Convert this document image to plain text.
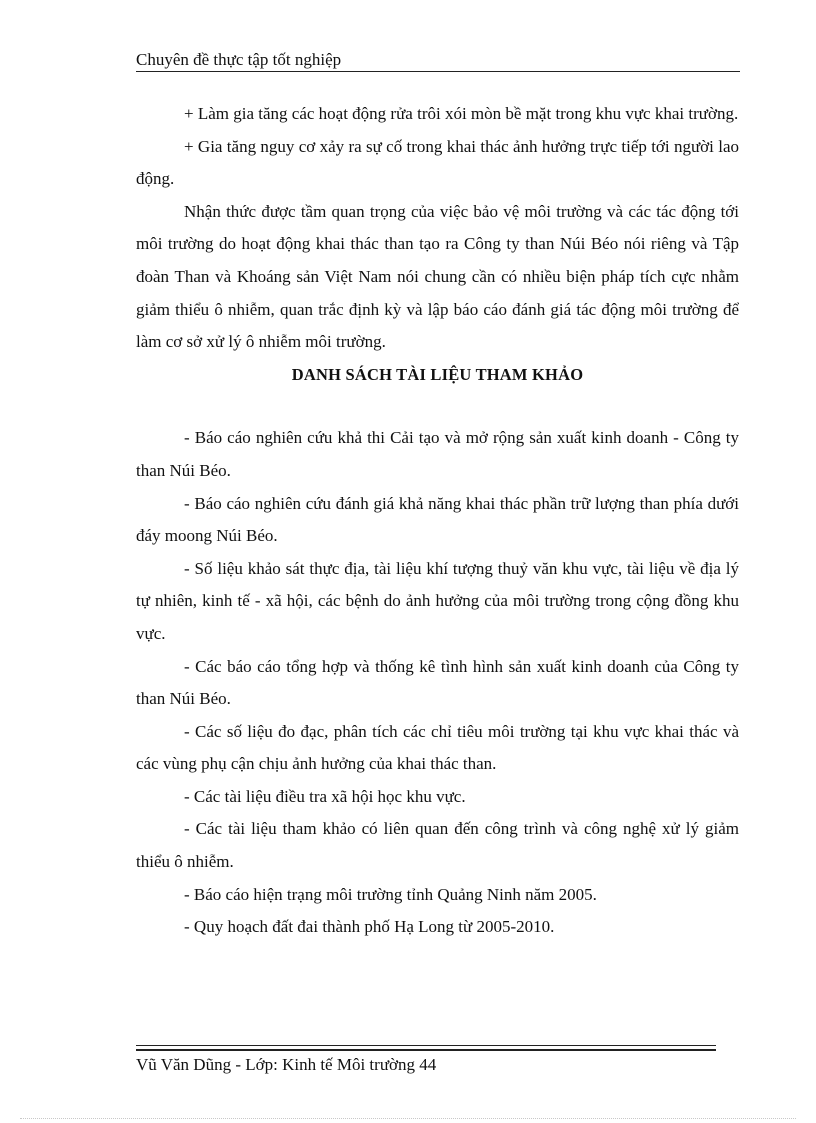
Chuyên đề thực tập tốt nghiệp

+ Làm gia tăng các hoạt động rửa trôi xói mòn bề mặt trong khu vực khai trường.

+ Gia tăng nguy cơ xảy ra sự cố trong khai thác ảnh hưởng trực tiếp tới người lao động.

Nhận thức được tầm quan trọng của việc bảo vệ môi trường và các tác động tới môi trường do hoạt động khai thác than tạo ra Công ty than Núi Béo nói riêng và Tập đoàn Than và Khoáng sản Việt Nam nói chung cần có nhiều biện pháp tích cực nhằm giảm thiểu ô nhiễm, quan trắc định kỳ và lập báo cáo đánh giá tác động môi trường để làm cơ sở xử lý ô nhiễm môi trường.

DANH SÁCH TÀI LIỆU THAM KHẢO

- Báo cáo nghiên cứu khả thi Cải tạo và mở rộng sản xuất kinh doanh - Công ty than Núi Béo.

- Báo cáo nghiên cứu đánh giá khả năng khai thác phần trữ lượng than phía dưới đáy moong Núi Béo.

- Số liệu khảo sát thực địa, tài liệu khí tượng thuỷ văn khu vực, tài liệu về địa lý tự nhiên, kinh tế - xã hội, các bệnh do ảnh hưởng của môi trường trong cộng đồng khu vực.

- Các báo cáo tổng hợp và thống kê tình hình sản xuất kinh doanh của Công ty than Núi Béo.

- Các số liệu đo đạc, phân tích các chỉ tiêu môi trường tại khu vực khai thác và các vùng phụ cận chịu ảnh hưởng của khai thác than.

- Các tài liệu điều tra xã hội học khu vực.

- Các tài liệu tham khảo có liên quan đến công trình và công nghệ xử lý giảm thiểu ô nhiễm.

- Báo cáo hiện trạng môi trường tỉnh Quảng Ninh năm 2005.

- Quy hoạch đất đai thành phố Hạ Long từ 2005-2010.

Vũ Văn Dũng - Lớp: Kinh tế Môi trường 44
